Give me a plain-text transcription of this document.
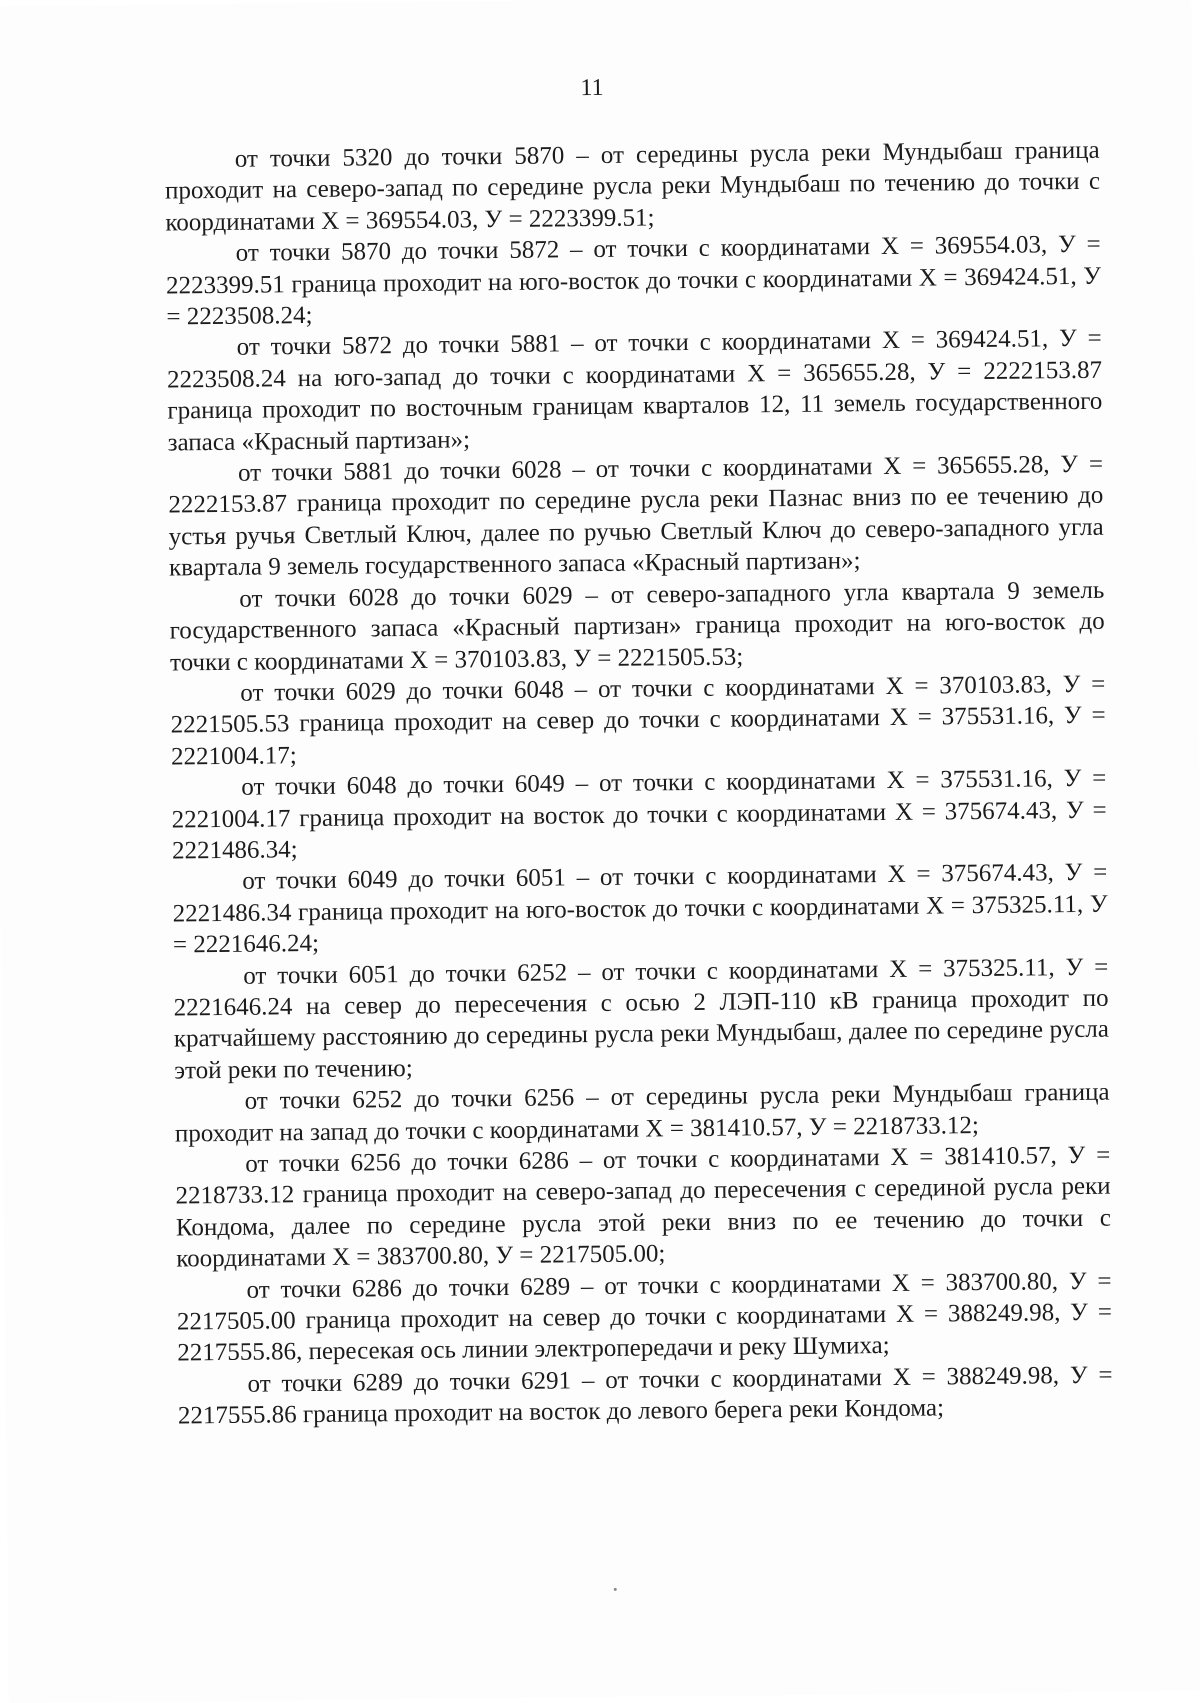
11

от точки 5320 до точки 5870 – от середины русла реки Мундыбаш граница проходит на северо-запад по середине русла реки Мундыбаш по течению до точки с координатами Х = 369554.03, У = 2223399.51;

от точки 5870 до точки 5872 – от точки с координатами Х = 369554.03, У = 2223399.51 граница проходит на юго-восток до точки с координатами Х = 369424.51, У = 2223508.24;

от точки 5872 до точки 5881 – от точки с координатами Х = 369424.51, У = 2223508.24 на юго-запад до точки с координатами Х = 365655.28, У = 2222153.87 граница проходит по восточным границам кварталов 12, 11 земель государственного запаса «Красный партизан»;

от точки 5881 до точки 6028 – от точки с координатами Х = 365655.28, У = 2222153.87 граница проходит по середине русла реки Пазнас вниз по ее течению до устья ручья Светлый Ключ, далее по ручью Светлый Ключ до северо-западного угла квартала 9 земель государственного запаса «Красный партизан»;

от точки 6028 до точки 6029 – от северо-западного угла квартала 9 земель государственного запаса «Красный партизан» граница проходит на юго-восток до точки с координатами Х = 370103.83, У = 2221505.53;

от точки 6029 до точки 6048 – от точки с координатами Х = 370103.83, У = 2221505.53 граница проходит на север до точки с координатами Х = 375531.16, У = 2221004.17;

от точки 6048 до точки 6049 – от точки с координатами Х = 375531.16, У = 2221004.17 граница проходит на восток до точки с координатами Х = 375674.43, У = 2221486.34;

от точки 6049 до точки 6051 – от точки с координатами Х = 375674.43, У = 2221486.34 граница проходит на юго-восток до точки с координатами Х = 375325.11, У = 2221646.24;

от точки 6051 до точки 6252 – от точки с координатами Х = 375325.11, У = 2221646.24 на север до пересечения с осью 2 ЛЭП-110 кВ граница проходит по кратчайшему расстоянию до середины русла реки Мундыбаш, далее по середине русла этой реки по течению;

от точки 6252 до точки 6256 – от середины русла реки Мундыбаш граница проходит на запад до точки с координатами Х = 381410.57, У = 2218733.12;

от точки 6256 до точки 6286 – от точки с координатами Х = 381410.57, У = 2218733.12 граница проходит на северо-запад до пересечения с серединой русла реки Кондома, далее по середине русла этой реки вниз по ее течению до точки с координатами Х = 383700.80, У = 2217505.00;

от точки 6286 до точки 6289 – от точки с координатами Х = 383700.80, У = 2217505.00 граница проходит на север до точки с координатами Х = 388249.98, У = 2217555.86, пересекая ось линии электропередачи и реку Шумиха;

от точки 6289 до точки 6291 – от точки с координатами Х = 388249.98, У = 2217555.86 граница проходит на восток до левого берега реки Кондома;
